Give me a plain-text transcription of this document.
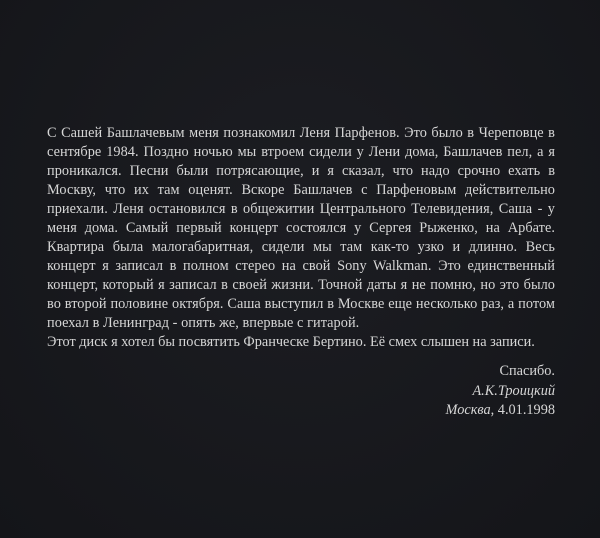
С Сашей Башлачевым меня познакомил Леня Парфенов. Это было в Череповце в сентябре 1984. Поздно ночью мы втроем сидели у Лени дома, Башлачев пел, а я проникался. Песни были потрясающие, и я сказал, что надо срочно ехать в Москву, что их там оценят. Вскоре Башлачев с Парфеновым действительно приехали. Леня остановился в общежитии Центрального Телевидения, Саша - у меня дома. Самый первый концерт состоялся у Сергея Рыженко, на Арбате. Квартира была малогабаритная, сидели мы там как-то узко и длинно. Весь концерт я записал в полном стерео на свой Sony Walkman. Это единственный концерт, который я записал в своей жизни. Точной даты я не помню, но это было во второй половине октября. Саша выступил в Москве еще несколько раз, а потом поехал в Ленинград - опять же, впервые с гитарой.

Этот диск я хотел бы посвятить Франческе Бертино. Её смех слышен на записи.

Спасибо.
А.К.Троицкий
Москва, 4.01.1998
